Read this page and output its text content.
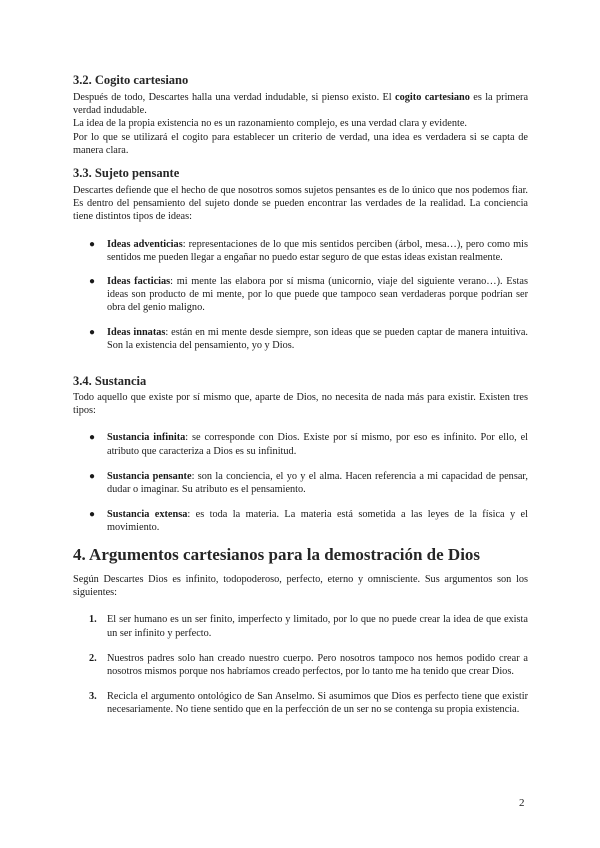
3.2. Cogito cartesiano

Después de todo, Descartes halla una verdad indudable, si pienso existo. El cogito cartesiano es la primera verdad indudable.

La idea de la propia existencia no es un razonamiento complejo, es una verdad clara y evidente.

Por lo que se utilizará el cogito para establecer un criterio de verdad, una idea es verdadera si se capta de manera clara.

3.3. Sujeto pensante

Descartes defiende que el hecho de que nosotros somos sujetos pensantes es de lo único que nos podemos fiar. Es dentro del pensamiento del sujeto donde se pueden encontrar las verdades de la realidad. La conciencia tiene distintos tipos de ideas:

● Ideas adventicias: representaciones de lo que mis sentidos perciben (árbol, mesa…), pero como mis sentidos me pueden llegar a engañar no puedo estar seguro de que estas ideas existan realmente.
● Ideas facticias: mi mente las elabora por sí misma (unicornio, viaje del siguiente verano…). Estas ideas son producto de mi mente, por lo que puede que tampoco sean verdaderas porque podrían ser obra del genio maligno.
● Ideas innatas: están en mi mente desde siempre, son ideas que se pueden captar de manera intuitiva. Son la existencia del pensamiento, yo y Dios.
3.4. Sustancia

Todo aquello que existe por sí mismo que, aparte de Dios, no necesita de nada más para existir. Existen tres tipos:

● Sustancia infinita: se corresponde con Dios. Existe por sí mismo, por eso es infinito. Por ello, el atributo que caracteriza a Dios es su infinitud.
● Sustancia pensante: son la conciencia, el yo y el alma. Hacen referencia a mi capacidad de pensar, dudar o imaginar. Su atributo es el pensamiento.
● Sustancia extensa: es toda la materia. La materia está sometida a las leyes de la física y el movimiento.
4. Argumentos cartesianos para la demostración de Dios

Según Descartes Dios es infinito, todopoderoso, perfecto, eterno y omnisciente. Sus argumentos son los siguientes:

1. El ser humano es un ser finito, imperfecto y limitado, por lo que no puede crear la idea de que exista un ser infinito y perfecto.
2. Nuestros padres solo han creado nuestro cuerpo. Pero nosotros tampoco nos hemos podido crear a nosotros mismos porque nos habríamos creado perfectos, por lo tanto me ha tenido que crear Dios.
3. Recicla el argumento ontológico de San Anselmo. Si asumimos que Dios es perfecto tiene que existir necesariamente. No tiene sentido que en la perfección de un ser no se contenga su propia existencia.
2
